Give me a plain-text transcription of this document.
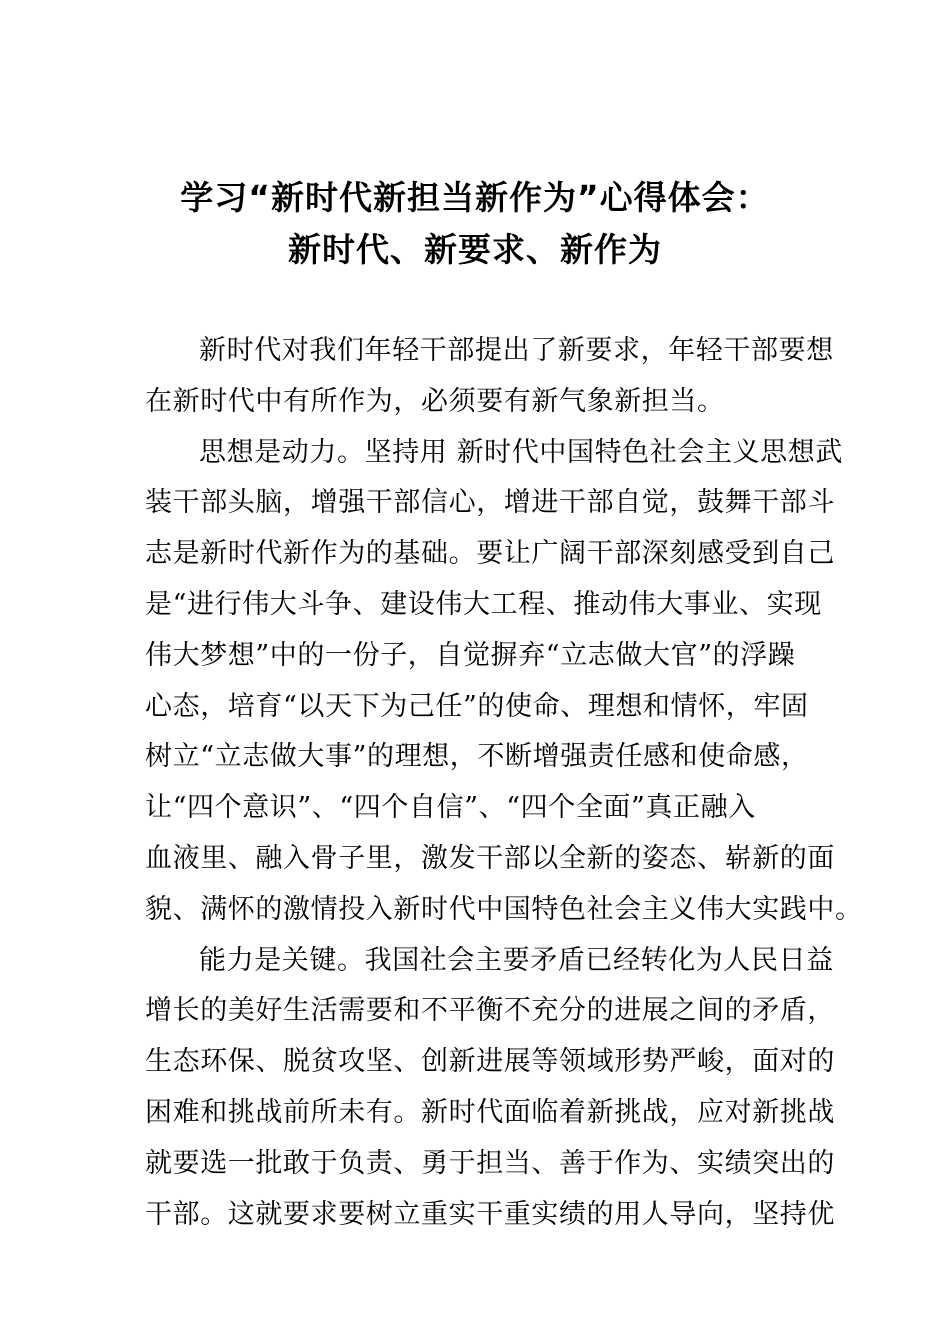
学习“新时代新担当新作为”心得体会：
新时代、新要求、新作为
新时代对我们年轻干部提出了新要求，年轻干部要想
在新时代中有所作为，必须要有新气象新担当。
思想是动力。坚持用 新时代中国特色社会主义思想武
装干部头脑，增强干部信心，增进干部自觉，鼓舞干部斗
志是新时代新作为的基础。要让广阔干部深刻感受到自己
是“进行伟大斗争、建设伟大工程、推动伟大事业、实现
伟大梦想”中的一份子，自觉摒弃“立志做大官”的浮躁
心态，培育“以天下为己任”的使命、理想和情怀，牢固
树立“立志做大事”的理想，不断增强责任感和使命感，
让“四个意识”、“四个自信”、“四个全面”真正融入
血液里、融入骨子里，激发干部以全新的姿态、崭新的面
貌、满怀的激情投入新时代中国特色社会主义伟大实践中。
能力是关键。我国社会主要矛盾已经转化为人民日益
增长的美好生活需要和不平衡不充分的进展之间的矛盾，
生态环保、脱贫攻坚、创新进展等领域形势严峻，面对的
困难和挑战前所未有。新时代面临着新挑战，应对新挑战
就要选一批敢于负责、勇于担当、善于作为、实绩突出的
干部。这就要求要树立重实干重实绩的用人导向，坚持优
